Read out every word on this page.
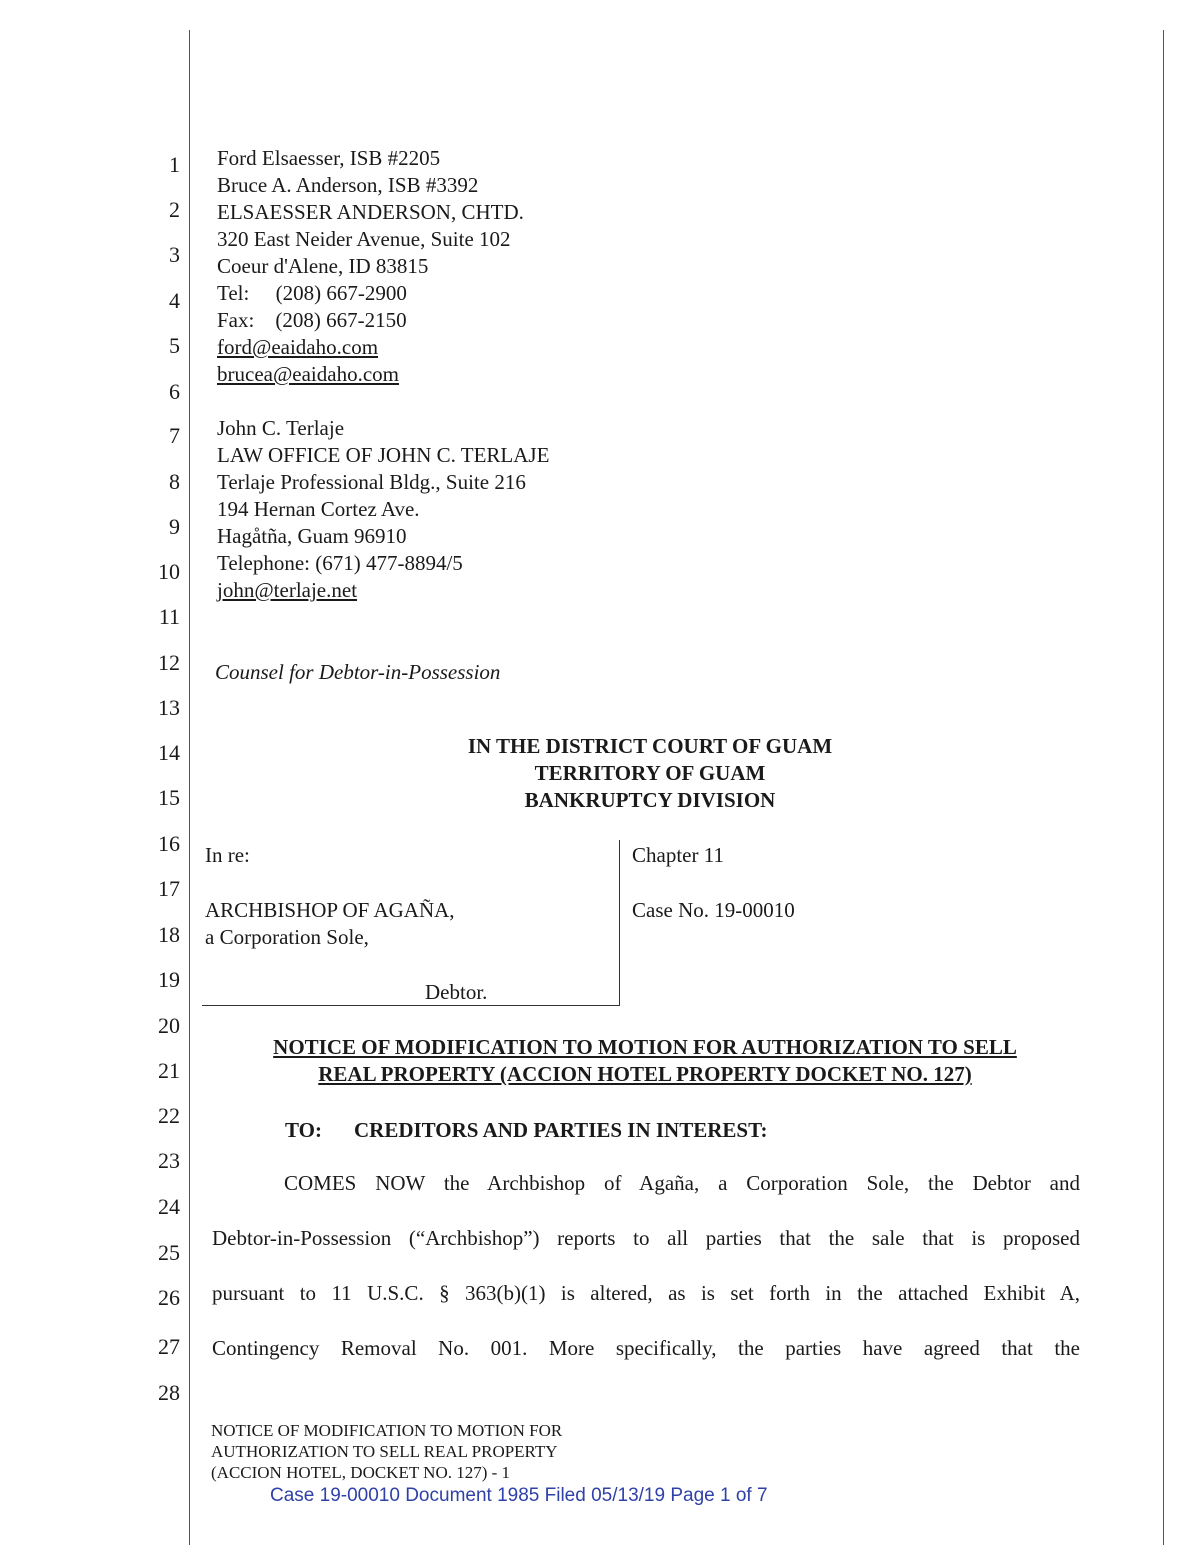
1
2
3
4
5
6
7
8
9
10
11
12
13
14
15
16
17
18
19
20
21
22
23
24
25
26
27
28
Ford Elsaesser, ISB #2205
Bruce A. Anderson, ISB #3392
ELSAESSER ANDERSON, CHTD.
320 East Neider Avenue, Suite 102
Coeur d'Alene, ID 83815
Tel:     (208) 667-2900
Fax:    (208) 667-2150
ford@eaidaho.com
brucea@eaidaho.com
John C. Terlaje
LAW OFFICE OF JOHN C. TERLAJE
Terlaje Professional Bldg., Suite 216
194 Hernan Cortez Ave.
Hagåtña, Guam 96910
Telephone: (671) 477-8894/5
john@terlaje.net
Counsel for Debtor-in-Possession
IN THE DISTRICT COURT OF GUAM
TERRITORY OF GUAM
BANKRUPTCY DIVISION
In re:
ARCHBISHOP OF AGAÑA,
a Corporation Sole,
Debtor.
Chapter 11
Case No. 19-00010
NOTICE OF MODIFICATION TO MOTION FOR AUTHORIZATION TO SELL
REAL PROPERTY (ACCION HOTEL PROPERTY DOCKET NO. 127)
TO: CREDITORS AND PARTIES IN INTEREST:
COMES NOW the Archbishop of Agaña, a Corporation Sole, the Debtor and
Debtor-in-Possession (“Archbishop”) reports to all parties that the sale that is proposed
pursuant to 11 U.S.C. § 363(b)(1) is altered, as is set forth in the attached Exhibit A,
Contingency Removal No. 001. More specifically, the parties have agreed that the
NOTICE OF MODIFICATION TO MOTION FOR
AUTHORIZATION TO SELL REAL PROPERTY
(ACCION HOTEL, DOCKET NO. 127) - 1
Case 19-00010 Document 1985 Filed 05/13/19 Page 1 of 7
